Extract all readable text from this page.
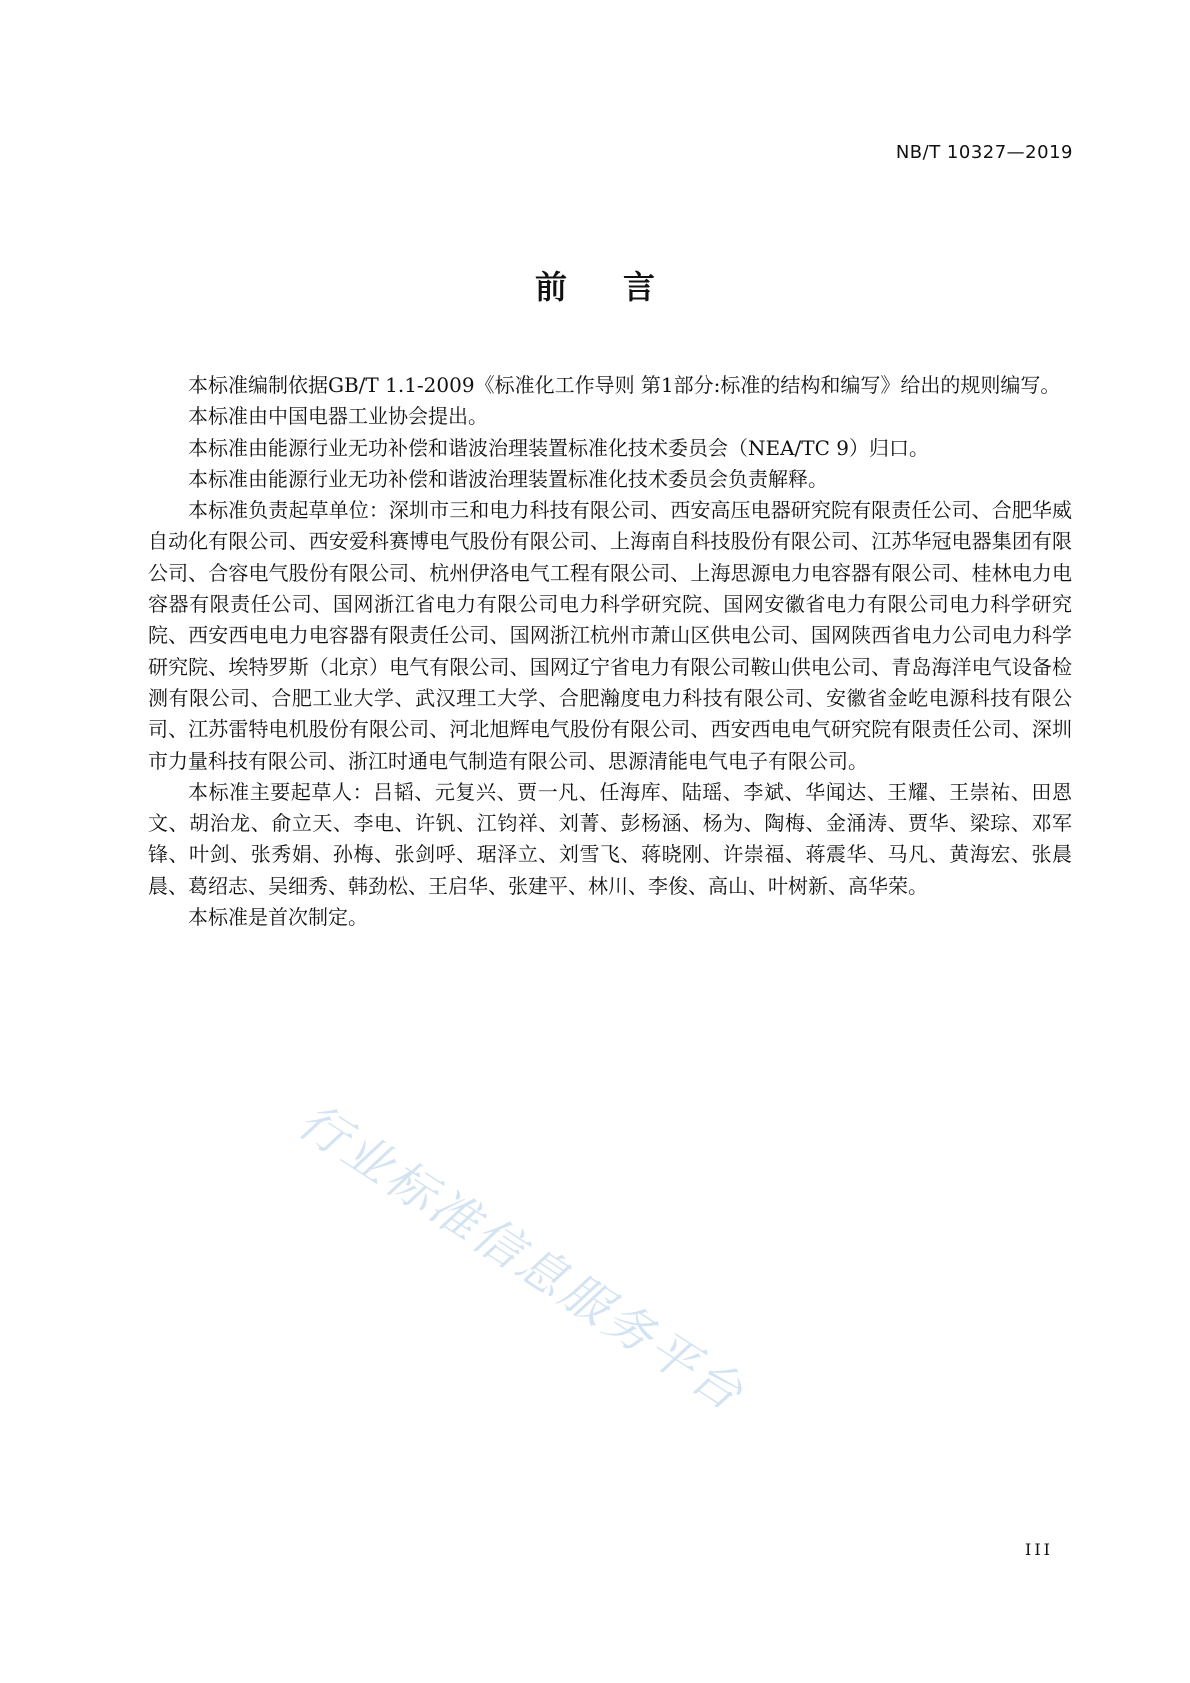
NB/T 10327—2019
前言

本标准编制依据GB/T 1.1-2009《标准化工作导则 第1部分:标准的结构和编写》给出的规则编写。

本标准由中国电器工业协会提出。

本标准由能源行业无功补偿和谐波治理装置标准化技术委员会（NEA/TC 9）归口。

本标准由能源行业无功补偿和谐波治理装置标准化技术委员会负责解释。

本标准负责起草单位：深圳市三和电力科技有限公司、西安高压电器研究院有限责任公司、合肥华威自动化有限公司、西安爱科赛博电气股份有限公司、上海南自科技股份有限公司、江苏华冠电器集团有限公司、合容电气股份有限公司、杭州伊洛电气工程有限公司、上海思源电力电容器有限公司、桂林电力电容器有限责任公司、国网浙江省电力有限公司电力科学研究院、国网安徽省电力有限公司电力科学研究院、西安西电电力电容器有限责任公司、国网浙江杭州市萧山区供电公司、国网陕西省电力公司电力科学研究院、埃特罗斯（北京）电气有限公司、国网辽宁省电力有限公司鞍山供电公司、青岛海洋电气设备检测有限公司、合肥工业大学、武汉理工大学、合肥瀚度电力科技有限公司、安徽省金屹电源科技有限公司、江苏雷特电机股份有限公司、河北旭辉电气股份有限公司、西安西电电气研究院有限责任公司、深圳市力量科技有限公司、浙江时通电气制造有限公司、思源清能电气电子有限公司。

本标准主要起草人：吕韬、元复兴、贾一凡、任海库、陆瑶、李斌、华闻达、王耀、王崇祐、田恩文、胡治龙、俞立天、李电、许钒、江钧祥、刘菁、彭杨涵、杨为、陶梅、金涌涛、贾华、梁琮、邓军锋、叶剑、张秀娟、孙梅、张剑呼、琚泽立、刘雪飞、蒋晓刚、许崇福、蒋震华、马凡、黄海宏、张晨晨、葛绍志、吴细秀、韩劲松、王启华、张建平、林川、李俊、高山、叶树新、高华荣。

本标准是首次制定。

行业标准信息服务平台
III
